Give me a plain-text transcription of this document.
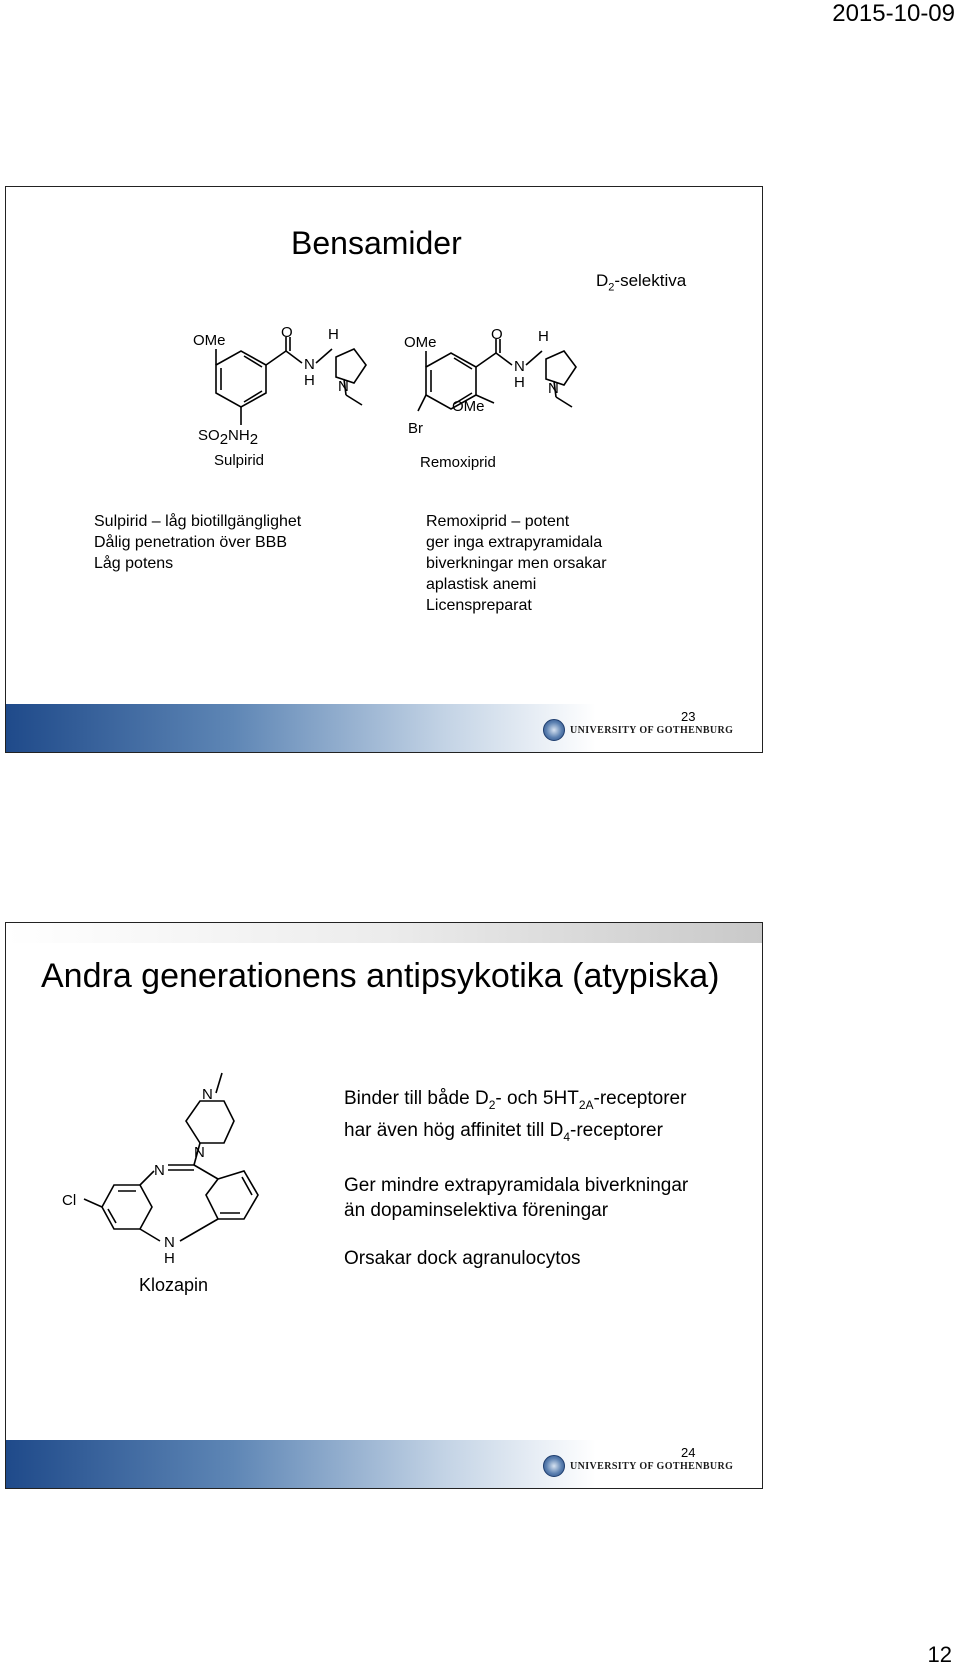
2015-10-09
Bensamider
$D_2$-selektiva
OMe	O
N
H
H
N
SO2NH2
Sulpirid
OMe	O
N
H
H
N
OMe
Br
Remoxiprid
Sulpirid – låg biotillgänglighet
Dålig penetration över BBB
Låg potens
Remoxiprid – potent
ger inga extrapyramidala
biverkningar men orsakar
aplastisk anemi
Licenspreparat
23
UNIVERSITY OF GOTHENBURG
Andra generationens antipsykotika (atypiska)
N
N
N
N
H
Cl
Klozapin
Binder till både $D_2-$ och $5HT_{2A}$-receptorer
har även hög affinitet till $D_4$-receptorer
Ger mindre extrapyramidala biverkningar
än dopaminselektiva föreningar
Orsakar dock agranulocytos
24
UNIVERSITY OF GOTHENBURG
12
